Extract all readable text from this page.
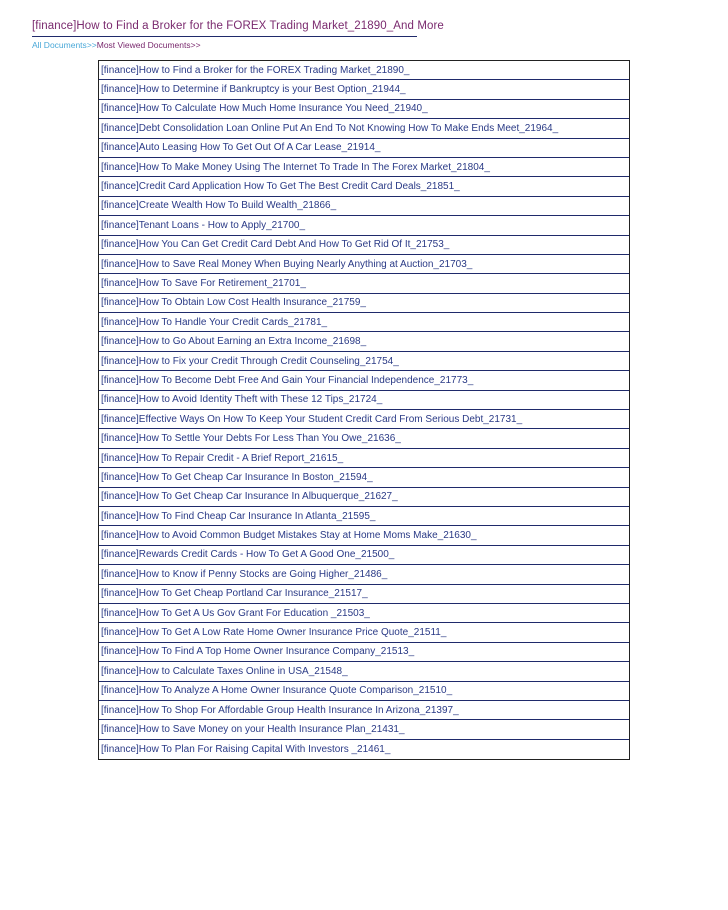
[finance]How to Find a Broker for the FOREX Trading Market_21890_And More
All Documents>>Most Viewed Documents>>
[finance]How to Find a Broker for the FOREX Trading Market_21890_
[finance]How to Determine if Bankruptcy is your Best Option_21944_
[finance]How To Calculate How Much Home Insurance You Need_21940_
[finance]Debt Consolidation Loan Online Put An End To Not Knowing How To Make Ends Meet_21964_
[finance]Auto Leasing How To Get Out Of A Car Lease_21914_
[finance]How To Make Money Using The Internet To Trade In The Forex Market_21804_
[finance]Credit Card Application How To Get The Best Credit Card Deals_21851_
[finance]Create Wealth How To Build Wealth_21866_
[finance]Tenant Loans - How to Apply_21700_
[finance]How You Can Get Credit Card Debt And How To Get Rid Of It_21753_
[finance]How to Save Real Money When Buying Nearly Anything at Auction_21703_
[finance]How To Save For Retirement_21701_
[finance]How To Obtain Low Cost Health Insurance_21759_
[finance]How To Handle Your Credit Cards_21781_
[finance]How to Go About Earning an Extra Income_21698_
[finance]How to Fix your Credit Through Credit Counseling_21754_
[finance]How To Become Debt Free And Gain Your Financial Independence_21773_
[finance]How to Avoid Identity Theft with These 12 Tips_21724_
[finance]Effective Ways On How To Keep Your Student Credit Card From Serious Debt_21731_
[finance]How To Settle Your Debts For Less Than You Owe_21636_
[finance]How To Repair Credit - A Brief Report_21615_
[finance]How To Get Cheap Car Insurance In Boston_21594_
[finance]How To Get Cheap Car Insurance In Albuquerque_21627_
[finance]How To Find Cheap Car Insurance In Atlanta_21595_
[finance]How to Avoid Common Budget Mistakes Stay at Home Moms Make_21630_
[finance]Rewards Credit Cards - How To Get A Good One_21500_
[finance]How to Know if Penny Stocks are Going Higher_21486_
[finance]How To Get Cheap Portland Car Insurance_21517_
[finance]How To Get A Us Gov Grant For Education _21503_
[finance]How To Get A Low Rate Home Owner Insurance Price Quote_21511_
[finance]How To Find A Top Home Owner Insurance Company_21513_
[finance]How to Calculate Taxes Online in USA_21548_
[finance]How To Analyze A Home Owner Insurance Quote Comparison_21510_
[finance]How To Shop For Affordable Group Health Insurance In Arizona_21397_
[finance]How to Save Money on your Health Insurance Plan_21431_
[finance]How To Plan For Raising Capital With Investors _21461_
